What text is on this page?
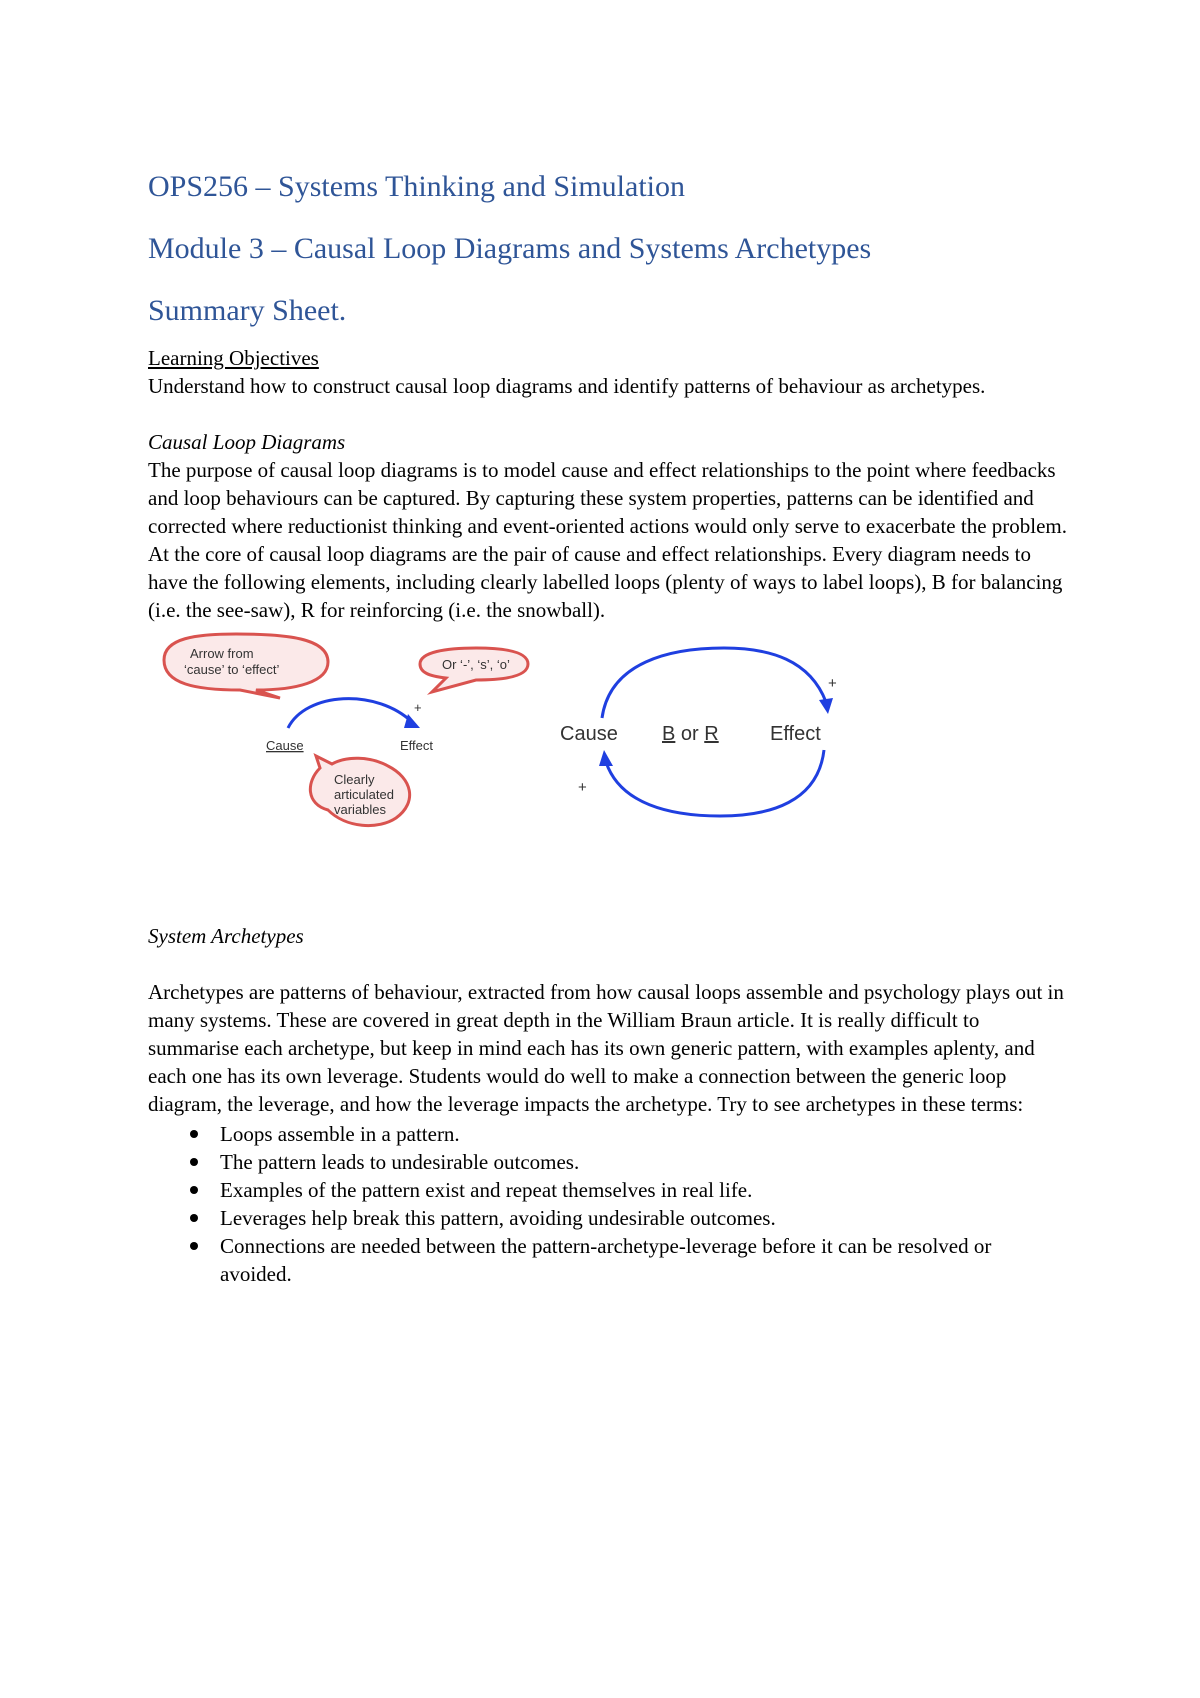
OPS256 – Systems Thinking and Simulation
Module 3 – Causal Loop Diagrams and Systems Archetypes
Summary Sheet.
Learning Objectives

Understand how to construct causal loop diagrams and identify patterns of behaviour as archetypes.

Causal Loop Diagrams

The purpose of causal loop diagrams is to model cause and effect relationships to the point where feedbacks and loop behaviours can be captured. By capturing these system properties, patterns can be identified and corrected where reductionist thinking and event-oriented actions would only serve to exacerbate the problem. At the core of causal loop diagrams are the pair of cause and effect relationships. Every diagram needs to have the following elements, including clearly labelled loops (plenty of ways to label loops), B for balancing (i.e. the see-saw), R for reinforcing (i.e. the snowball).

Arrow from
‘cause’ to ‘effect’	Or ‘-’, ‘s’, ‘o’
+
Cause	Effect
Clearly
articulated
variables
+
+
Cause B or R	Effect
System Archetypes

Archetypes are patterns of behaviour, extracted from how causal loops assemble and psychology plays out in many systems. These are covered in great depth in the William Braun article. It is really difficult to summarise each archetype, but keep in mind each has its own generic pattern, with examples aplenty, and each one has its own leverage. Students would do well to make a connection between the generic loop diagram, the leverage, and how the leverage impacts the archetype. Try to see archetypes in these terms:

Loops assemble in a pattern.
The pattern leads to undesirable outcomes.
Examples of the pattern exist and repeat themselves in real life.
Leverages help break this pattern, avoiding undesirable outcomes.
Connections are needed between the pattern-archetype-leverage before it can be resolved or avoided.
